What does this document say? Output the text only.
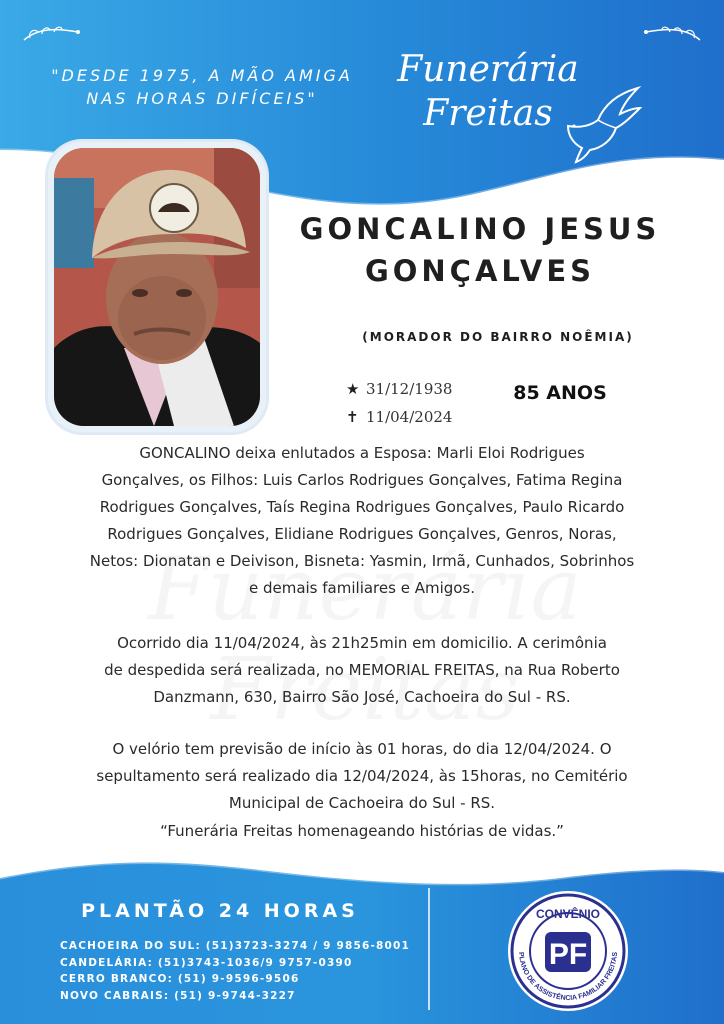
"DESDE 1975, A MÃO AMIGA
NAS HORAS DIFÍCEIS"
Funerária
Freitas
GONCALINO JESUS
GONÇALVES
(MORADOR DO BAIRRO NOÊMIA)
★ 31/12/1938
✝ 11/04/2024
85 ANOS
GONCALINO deixa enlutados a Esposa: Marli Eloi Rodrigues
Gonçalves, os Filhos: Luis Carlos Rodrigues Gonçalves, Fatima Regina
Rodrigues Gonçalves, Taís Regina Rodrigues Gonçalves, Paulo Ricardo
Rodrigues Gonçalves, Elidiane Rodrigues Gonçalves, Genros, Noras,
Netos: Dionatan e Deivison, Bisneta: Yasmin, Irmã, Cunhados, Sobrinhos
e demais familiares e Amigos.
Ocorrido dia 11/04/2024, às 21h25min em domicilio. A cerimônia
de despedida será realizada, no MEMORIAL FREITAS, na Rua Roberto
Danzmann, 630, Bairro São José, Cachoeira do Sul - RS.
O velório tem previsão de início às 01 horas, do dia 12/04/2024. O
sepultamento será realizado dia 12/04/2024, às 15horas, no Cemitério
Municipal de Cachoeira do Sul - RS.
“Funerária Freitas homenageando histórias de vidas.”
PLANTÃO 24 HORAS
CACHOEIRA DO SUL: (51)3723-3274 / 9 9856-8001
CANDELÁRIA: (51)3743-1036/9 9757-0390
CERRO BRANCO: (51) 9-9596-9506
NOVO CABRAIS: (51) 9-9744-3227
CONVÊNIO
PLANO DE ASSISTÊNCIA FAMILIAR FREITAS
PF
